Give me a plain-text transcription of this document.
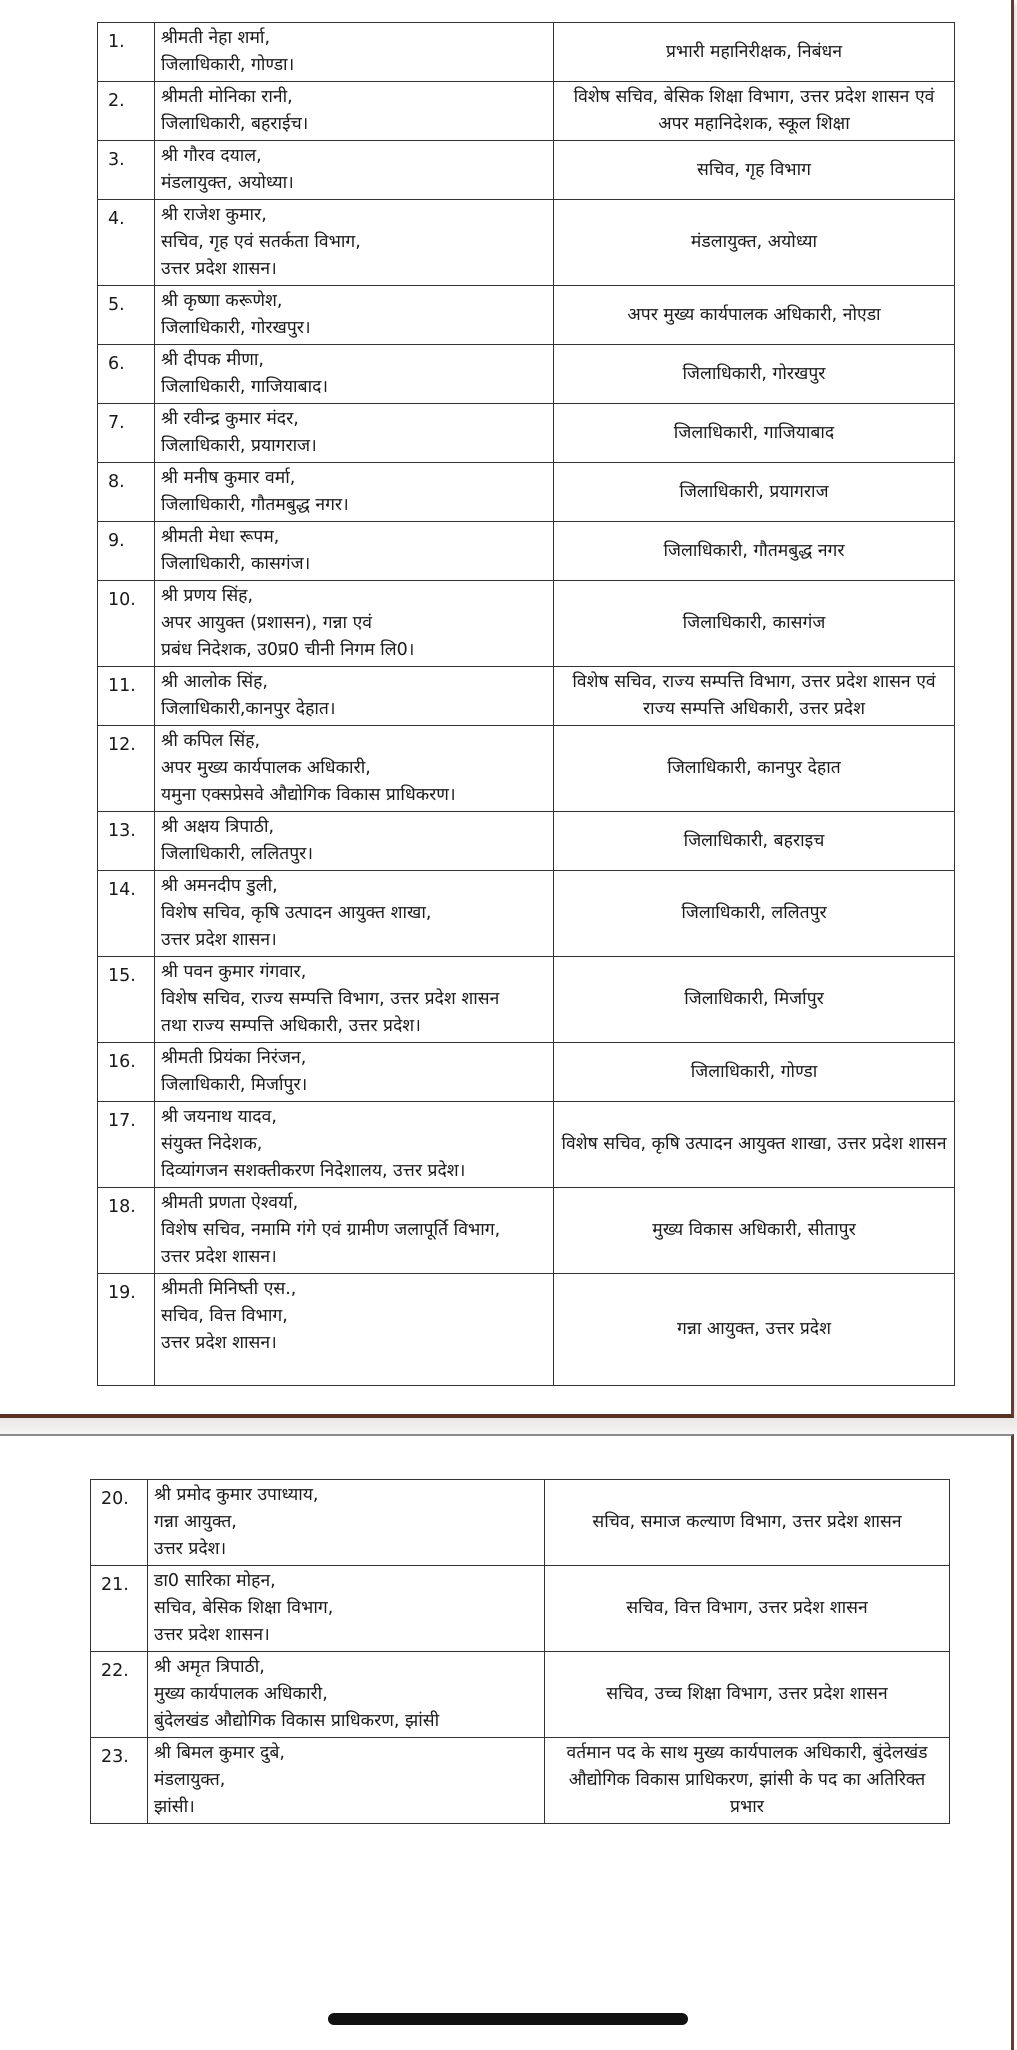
1.	श्रीमती नेहा शर्मा,
जिलाधिकारी, गोण्डा।	प्रभारी महानिरीक्षक, निबंधन
2.	श्रीमती मोनिका रानी,
जिलाधिकारी, बहराईच।	विशेष सचिव, बेसिक शिक्षा विभाग, उत्तर प्रदेश शासन एवं अपर महानिदेशक, स्कूल शिक्षा
3.	श्री गौरव दयाल,
मंडलायुक्त, अयोध्या।	सचिव, गृह विभाग
4.	श्री राजेश कुमार,
सचिव, गृह एवं सतर्कता विभाग,
उत्तर प्रदेश शासन।	मंडलायुक्त, अयोध्या
5.	श्री कृष्णा करूणेश,
जिलाधिकारी, गोरखपुर।	अपर मुख्य कार्यपालक अधिकारी, नोएडा
6.	श्री दीपक मीणा,
जिलाधिकारी, गाजियाबाद।	जिलाधिकारी, गोरखपुर
7.	श्री रवीन्द्र कुमार मंदर,
जिलाधिकारी, प्रयागराज।	जिलाधिकारी, गाजियाबाद
8.	श्री मनीष कुमार वर्मा,
जिलाधिकारी, गौतमबुद्ध नगर।	जिलाधिकारी, प्रयागराज
9.	श्रीमती मेधा रूपम,
जिलाधिकारी, कासगंज।	जिलाधिकारी, गौतमबुद्ध नगर
10.	श्री प्रणय सिंह,
अपर आयुक्त (प्रशासन), गन्ना एवं
प्रबंध निदेशक, उ0प्र0 चीनी निगम लि0।	जिलाधिकारी, कासगंज
11.	श्री आलोक सिंह,
जिलाधिकारी,कानपुर देहात।	विशेष सचिव, राज्य सम्पत्ति विभाग, उत्तर प्रदेश शासन एवं राज्य सम्पत्ति अधिकारी, उत्तर प्रदेश
12.	श्री कपिल सिंह,
अपर मुख्य कार्यपालक अधिकारी,
यमुना एक्सप्रेसवे औद्योगिक विकास प्राधिकरण।	जिलाधिकारी, कानपुर देहात
13.	श्री अक्षय त्रिपाठी,
जिलाधिकारी, ललितपुर।	जिलाधिकारी, बहराइच
14.	श्री अमनदीप डुली,
विशेष सचिव, कृषि उत्पादन आयुक्त शाखा,
उत्तर प्रदेश शासन।	जिलाधिकारी, ललितपुर
15.	श्री पवन कुमार गंगवार,
विशेष सचिव, राज्य सम्पत्ति विभाग, उत्तर प्रदेश शासन
तथा राज्य सम्पत्ति अधिकारी, उत्तर प्रदेश।	जिलाधिकारी, मिर्जापुर
16.	श्रीमती प्रियंका निरंजन,
जिलाधिकारी, मिर्जापुर।	जिलाधिकारी, गोण्डा
17.	श्री जयनाथ यादव,
संयुक्त निदेशक,
दिव्यांगजन सशक्तीकरण निदेशालय, उत्तर प्रदेश।	विशेष सचिव, कृषि उत्पादन आयुक्त शाखा, उत्तर प्रदेश शासन
18.	श्रीमती प्रणता ऐश्वर्या,
विशेष सचिव, नमामि गंगे एवं ग्रामीण जलापूर्ति विभाग,
उत्तर प्रदेश शासन।	मुख्य विकास अधिकारी, सीतापुर
19.	श्रीमती मिनिष्ती एस.,
सचिव, वित्त विभाग,
उत्तर प्रदेश शासन।	गन्ना आयुक्त, उत्तर प्रदेश
20.	श्री प्रमोद कुमार उपाध्याय,
गन्ना आयुक्त,
उत्तर प्रदेश।	सचिव, समाज कल्याण विभाग, उत्तर प्रदेश शासन
21.	डा0 सारिका मोहन,
सचिव, बेसिक शिक्षा विभाग,
उत्तर प्रदेश शासन।	सचिव, वित्त विभाग, उत्तर प्रदेश शासन
22.	श्री अमृत त्रिपाठी,
मुख्य कार्यपालक अधिकारी,
बुंदेलखंड औद्योगिक विकास प्राधिकरण, झांसी	सचिव, उच्च शिक्षा विभाग, उत्तर प्रदेश शासन
23.	श्री बिमल कुमार दुबे,
मंडलायुक्त,
झांसी।	वर्तमान पद के साथ मुख्य कार्यपालक अधिकारी, बुंदेलखंड औद्योगिक विकास प्राधिकरण, झांसी के पद का अतिरिक्त प्रभार
